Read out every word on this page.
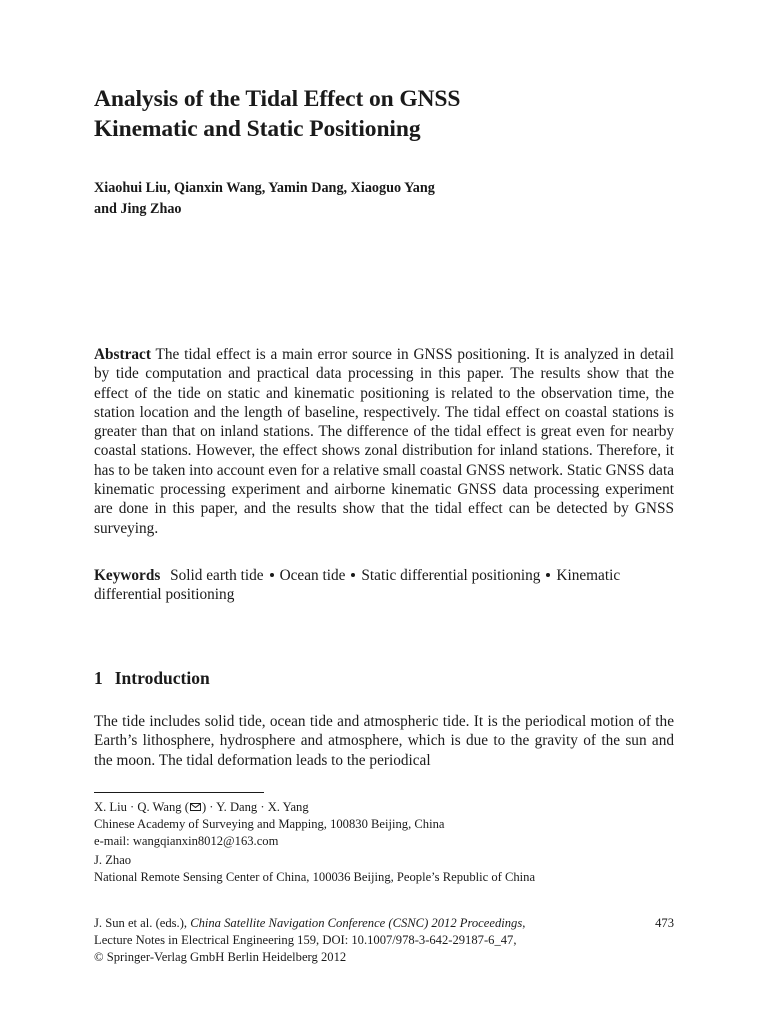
Analysis of the Tidal Effect on GNSS
Kinematic and Static Positioning
Xiaohui Liu, Qianxin Wang, Yamin Dang, Xiaoguo Yang
and Jing Zhao

Abstract The tidal effect is a main error source in GNSS positioning. It is analyzed in detail by tide computation and practical data processing in this paper. The results show that the effect of the tide on static and kinematic positioning is related to the observation time, the station location and the length of baseline, respectively. The tidal effect on coastal stations is greater than that on inland stations. The difference of the tidal effect is great even for nearby coastal stations. However, the effect shows zonal distribution for inland stations. Therefore, it has to be taken into account even for a relative small coastal GNSS network. Static GNSS data kinematic processing experiment and airborne kinematic GNSS data processing experiment are done in this paper, and the results show that the tidal effect can be detected by GNSS surveying.

Keywords Solid earth tide Ocean tide Static differential positioning Kinematic differential positioning

1 Introduction

The tide includes solid tide, ocean tide and atmospheric tide. It is the periodical motion of the Earth’s lithosphere, hydrosphere and atmosphere, which is due to the gravity of the sun and the moon. The tidal deformation leads to the periodical

X. Liu · Q. Wang ( ) · Y. Dang · X. Yang
Chinese Academy of Surveying and Mapping, 100830 Beijing, China
e-mail: wangqianxin8012@163.com
J. Zhao
National Remote Sensing Center of China, 100036 Beijing, People’s Republic of China
J. Sun et al. (eds.), China Satellite Navigation Conference (CSNC) 2012 Proceedings,
Lecture Notes in Electrical Engineering 159, DOI: 10.1007/978-3-642-29187-6_47,
© Springer-Verlag GmbH Berlin Heidelberg 2012
473
